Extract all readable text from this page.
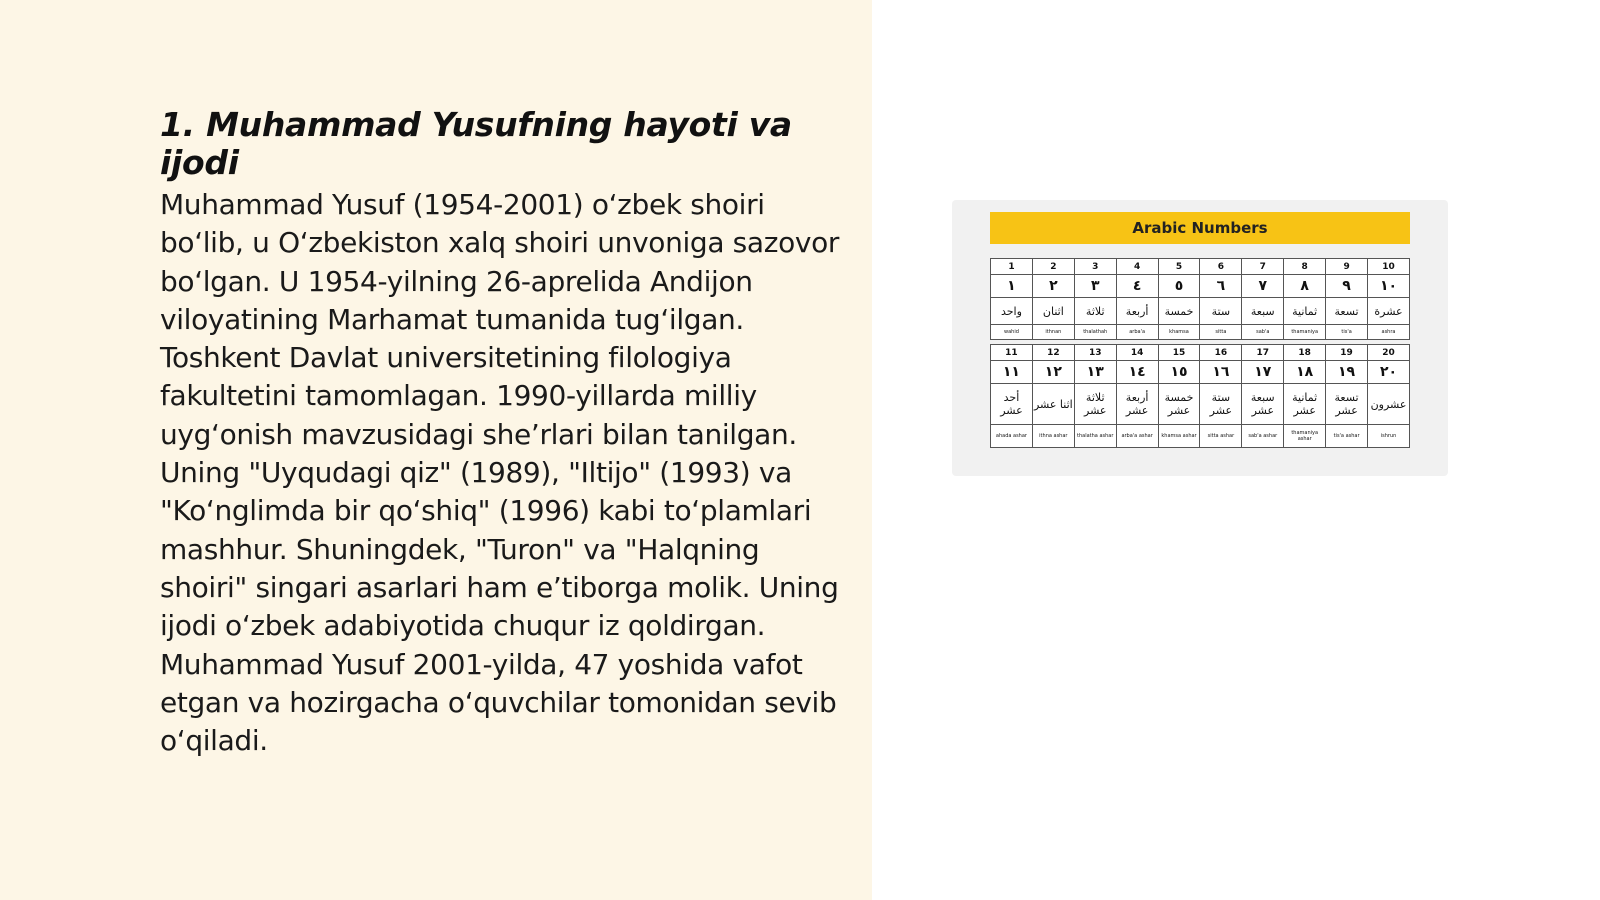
1. Muhammad Yusufning hayoti va ijodi

Muhammad Yusuf (1954-2001) o‘zbek shoiri bo‘lib, u O‘zbekiston xalq shoiri unvoniga sazovor bo‘lgan. U 1954-yilning 26-aprelida Andijon viloyatining Marhamat tumanida tug‘ilgan. Toshkent Davlat universitetining filologiya fakultetini tamomlagan. 1990-yillarda milliy uyg‘onish mavzusidagi she’rlari bilan tanilgan. Uning "Uyqudagi qiz" (1989), "Iltijo" (1993) va "Ko‘nglimda bir qo‘shiq" (1996) kabi to‘plamlari mashhur. Shuningdek, "Turon" va "Halqning shoiri" singari asarlari ham e’tiborga molik. Uning ijodi o‘zbek adabiyotida chuqur iz qoldirgan. Muhammad Yusuf 2001-yilda, 47 yoshida vafot etgan va hozirgacha o‘quvchilar tomonidan sevib o‘qiladi.

Arabic Numbers
1	2	3	4	5	6	7	8	9	10
١	٢	٣	٤	٥	٦	٧	٨	٩	١٠
واحد	اثنان	ثلاثة	أربعة	خمسة	ستة	سبعة	ثمانية	تسعة	عشرة
wahid	ithnan	thalathah	arba'a	khamsa	sitta	sab'a	thamaniya	tis'a	ashra
11	12	13	14	15	16	17	18	19	20
١١	١٢	١٣	١٤	١٥	١٦	١٧	١٨	١٩	٢٠
أحد عشر	اثنا عشر	ثلاثة عشر	أربعة عشر	خمسة عشر	ستة عشر	سبعة عشر	ثمانية عشر	تسعة عشر	عشرون
ahada ashar	ithna ashar	thalatha ashar	arba'a ashar	khamsa ashar	sitta ashar	sab'a ashar	thamaniya ashar	tis'a ashar	ishrun
